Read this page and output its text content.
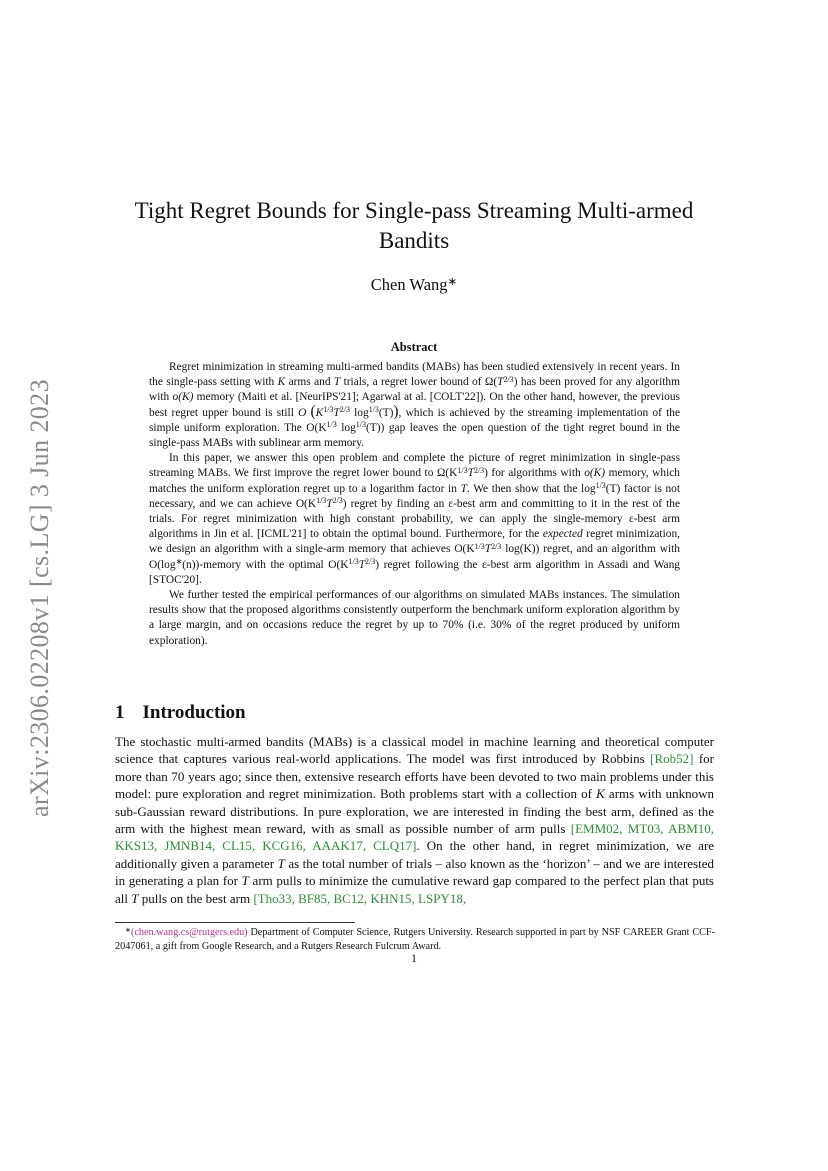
arXiv:2306.02208v1 [cs.LG] 3 Jun 2023
Tight Regret Bounds for Single-pass Streaming Multi-armed Bandits
Chen Wang∗
Abstract

Regret minimization in streaming multi-armed bandits (MABs) has been studied extensively in recent years. In the single-pass setting with K arms and T trials, a regret lower bound of $\Omega(T^{2/3})$ has been proved for any algorithm with o(K) memory (Maiti et al. [NeurIPS'21]; Agarwal at al. [COLT'22]). On the other hand, however, the previous best regret upper bound is still O ($K^{1/3}T^{2/3}$ $\log^{1/3}(T)$), which is achieved by the streaming implementation of the simple uniform exploration. The $O(K^{1/3}$ $\log^{1/3}(T)$) gap leaves the open question of the tight regret bound in the single-pass MABs with sublinear arm memory.

In this paper, we answer this open problem and complete the picture of regret minimization in single-pass streaming MABs. We first improve the regret lower bound to $\Omega(K^{1/3}T^{2/3})$ for algorithms with o(K) memory, which matches the uniform exploration regret up to a logarithm factor in T. We then show that the $\log^{1/3}(T)$ factor is not necessary, and we can achieve $O(K^{1/3}T^{2/3})$ regret by finding an ε-best arm and committing to it in the rest of the trials. For regret minimization with high constant probability, we can apply the single-memory ε-best arm algorithms in Jin et al. [ICML'21] to obtain the optimal bound. Furthermore, for the expected regret minimization, we design an algorithm with a single-arm memory that achieves $O(K^{1/3}T^{2/3}$ log(K)) regret, and an algorithm with O(log∗(n))-memory with the optimal $O(K^{1/3}T^{2/3})$ regret following the ε-best arm algorithm in Assadi and Wang [STOC'20].

We further tested the empirical performances of our algorithms on simulated MABs instances. The simulation results show that the proposed algorithms consistently outperform the benchmark uniform exploration algorithm by a large margin, and on occasions reduce the regret by up to 70% (i.e. 30% of the regret produced by uniform exploration).

1 Introduction

The stochastic multi-armed bandits (MABs) is a classical model in machine learning and theoretical computer science that captures various real-world applications. The model was first introduced by Robbins [Rob52] for more than 70 years ago; since then, extensive research efforts have been devoted to two main problems under this model: pure exploration and regret minimization. Both problems start with a collection of K arms with unknown sub-Gaussian reward distributions. In pure exploration, we are interested in finding the best arm, defined as the arm with the highest mean reward, with as small as possible number of arm pulls [EMM02, MT03, ABM10, KKS13, JMNB14, CL15, KCG16, AAAK17, CLQ17]. On the other hand, in regret minimization, we are additionally given a parameter T as the total number of trials – also known as the ‘horizon’ – and we are interested in generating a plan for T arm pulls to minimize the cumulative reward gap compared to the perfect plan that puts all T pulls on the best arm [Tho33, BF85, BC12, KHN15, LSPY18,

∗(chen.wang.cs@rutgers.edu) Department of Computer Science, Rutgers University. Research supported in part by NSF CAREER Grant CCF-2047061, a gift from Google Research, and a Rutgers Research Fulcrum Award.

1
